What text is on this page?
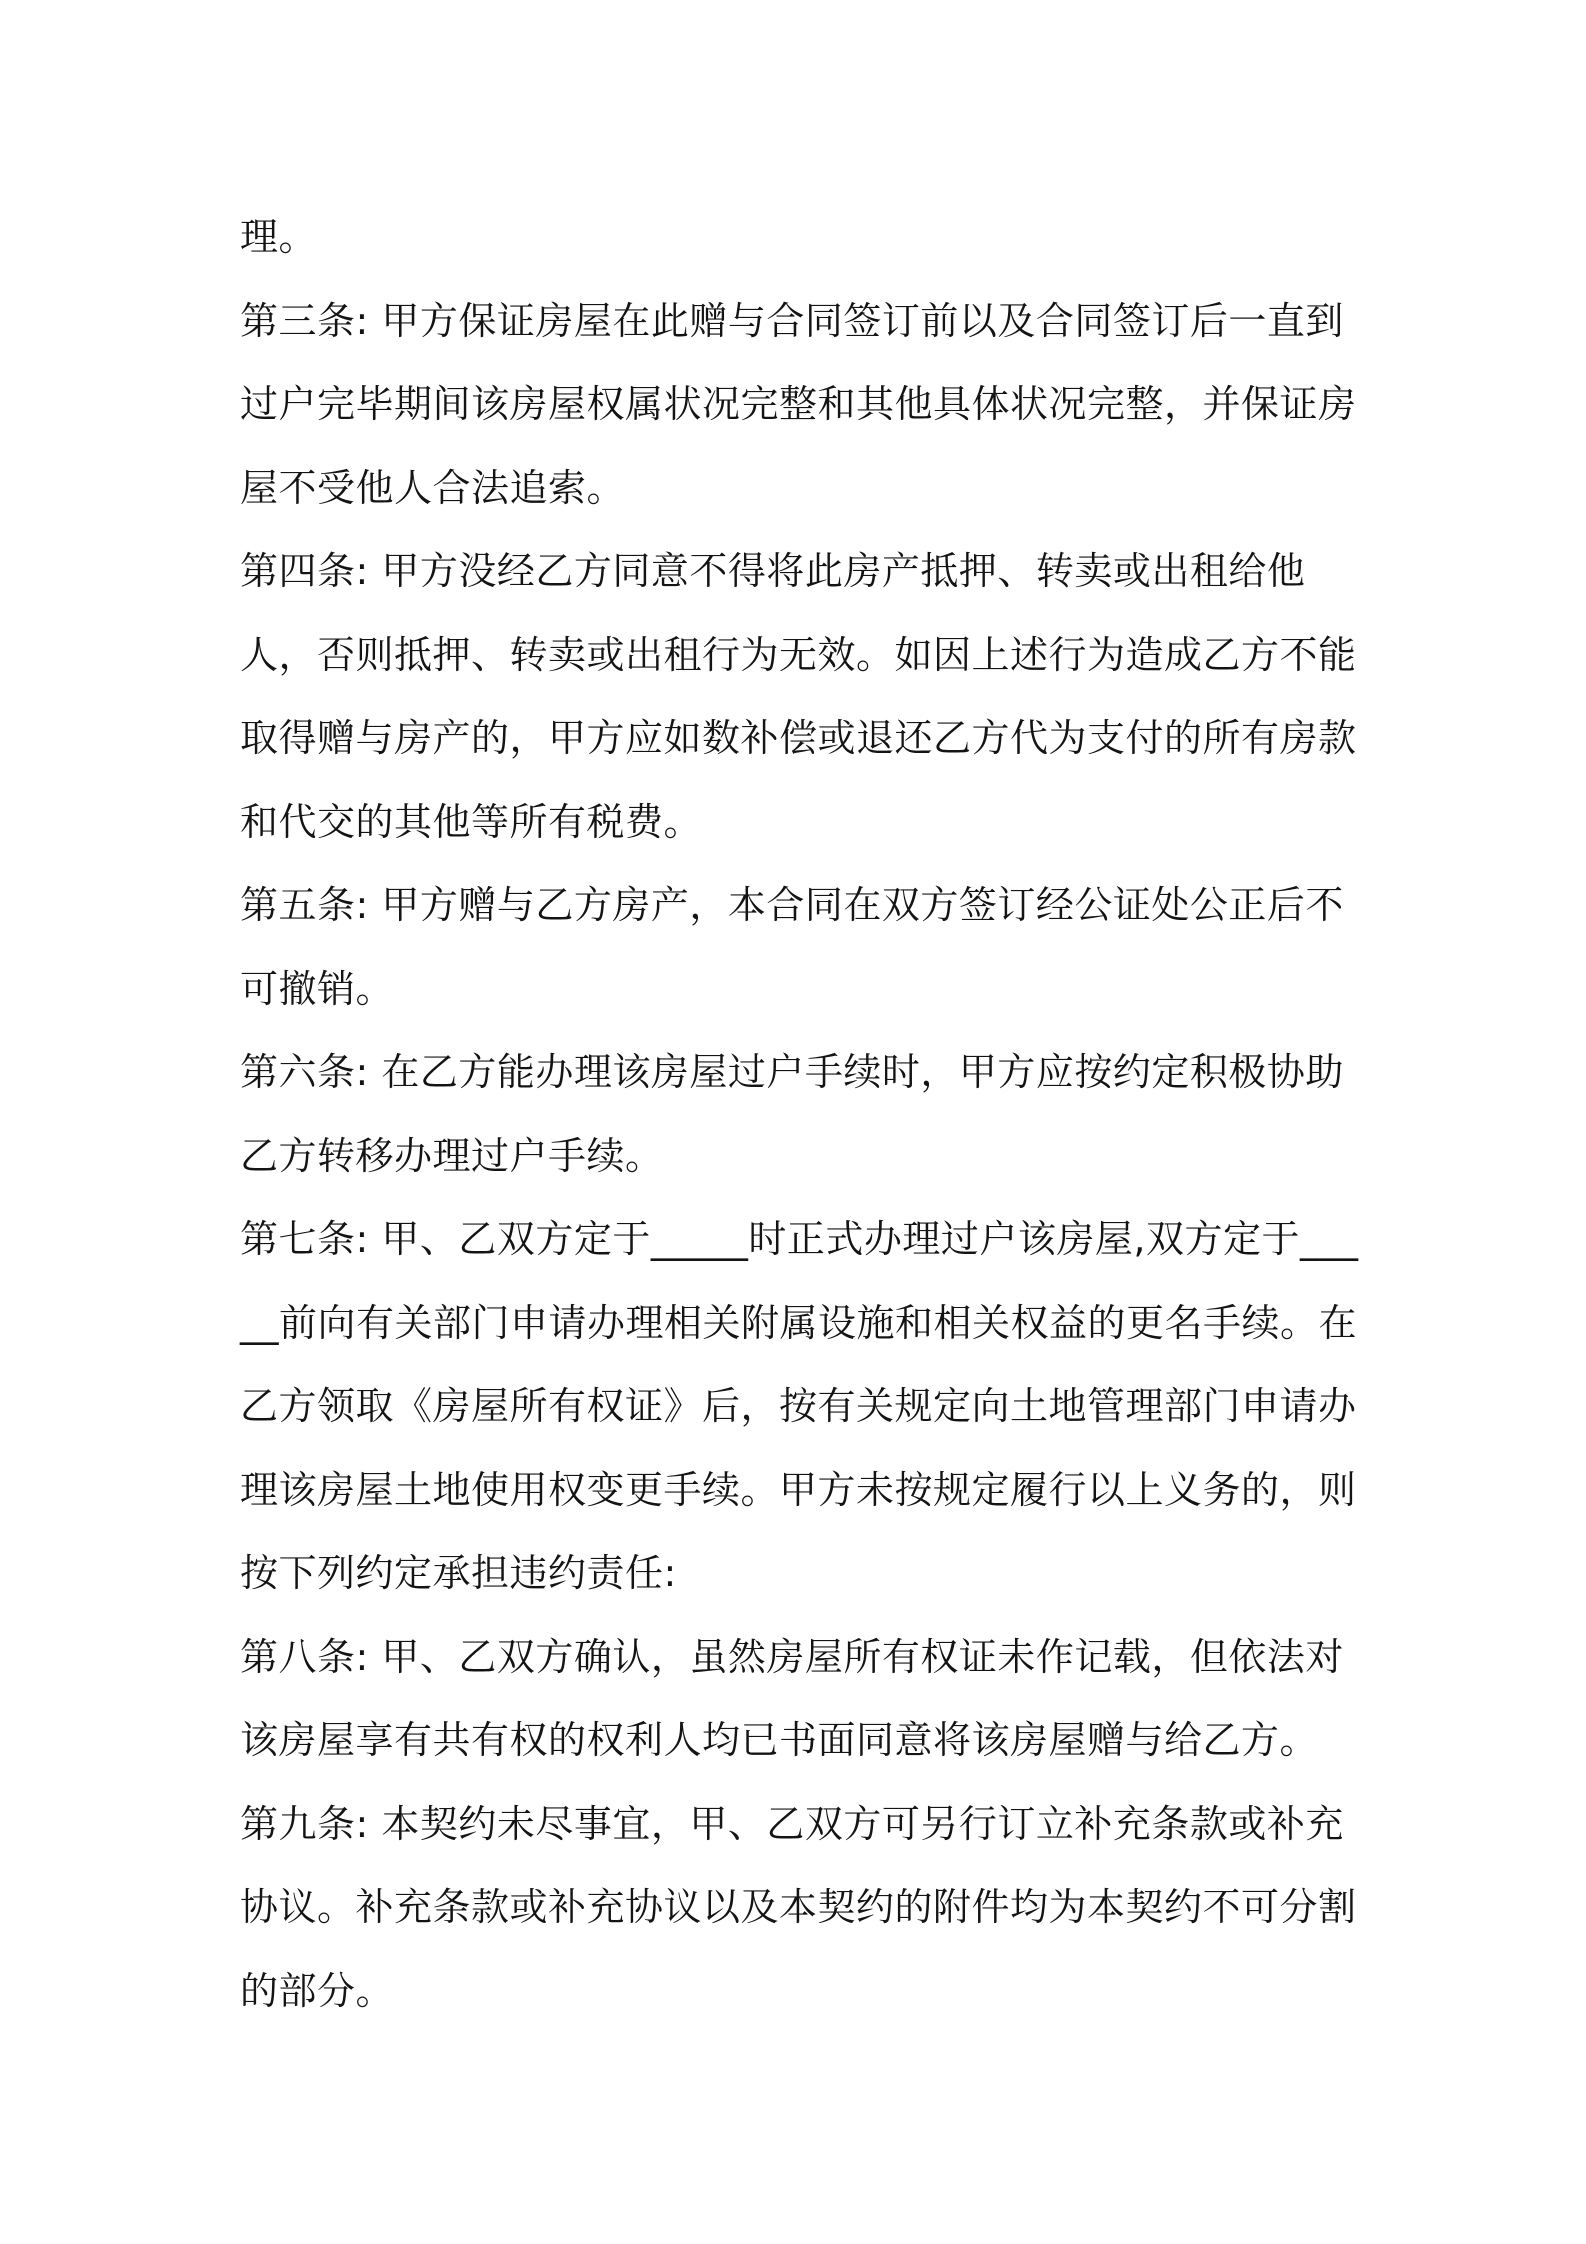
理。

第三条: 甲方保证房屋在此赠与合同签订前以及合同签订后一直到过户完毕期间该房屋权属状况完整和其他具体状况完整，并保证房屋不受他人合法追索。

第四条: 甲方没经乙方同意不得将此房产抵押、转卖或出租给他人，否则抵押、转卖或出租行为无效。如因上述行为造成乙方不能取得赠与房产的，甲方应如数补偿或退还乙方代为支付的所有房款和代交的其他等所有税费。

第五条: 甲方赠与乙方房产，本合同在双方签订经公证处公正后不可撤销。

第六条: 在乙方能办理该房屋过户手续时，甲方应按约定积极协助乙方转移办理过户手续。

第七条: 甲、乙双方定于_____时正式办理过户该房屋,双方定于_____前向有关部门申请办理相关附属设施和相关权益的更名手续。在乙方领取《房屋所有权证》后，按有关规定向土地管理部门申请办理该房屋土地使用权变更手续。甲方未按规定履行以上义务的，则按下列约定承担违约责任:

第八条: 甲、乙双方确认，虽然房屋所有权证未作记载，但依法对该房屋享有共有权的权利人均已书面同意将该房屋赠与给乙方。

第九条: 本契约未尽事宜，甲、乙双方可另行订立补充条款或补充协议。补充条款或补充协议以及本契约的附件均为本契约不可分割的部分。
